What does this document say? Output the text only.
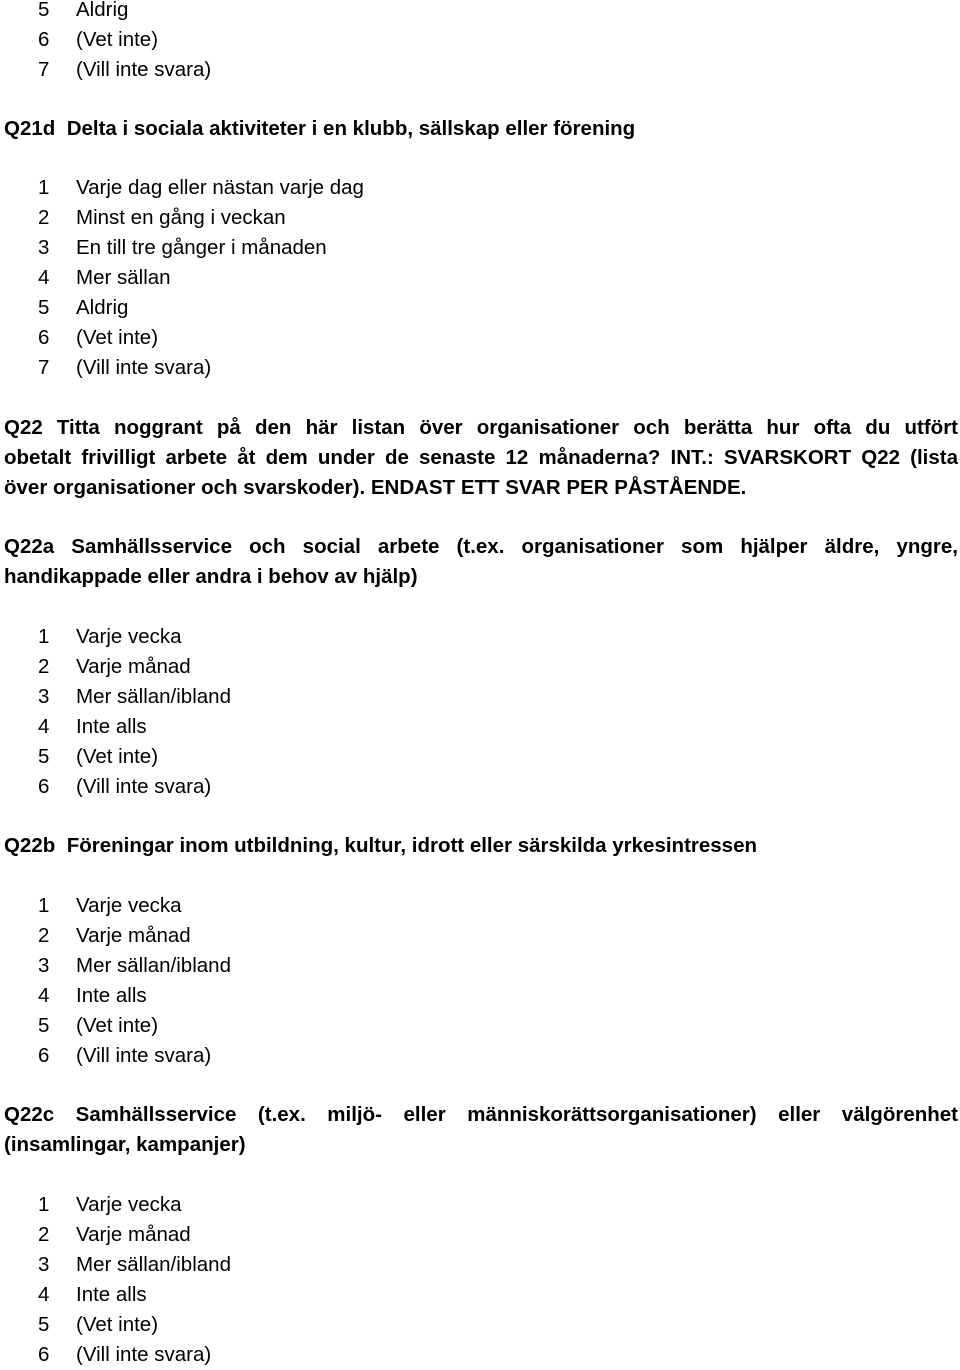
5 Aldrig
6 (Vet inte)
7 (Vill inte svara)
Q21d Delta i sociala aktiviteter i en klubb, sällskap eller förening
1 Varje dag eller nästan varje dag
2 Minst en gång i veckan
3 En till tre gånger i månaden
4 Mer sällan
5 Aldrig
6 (Vet inte)
7 (Vill inte svara)
Q22 Titta noggrant på den här listan över organisationer och berätta hur ofta du utfört
obetalt frivilligt arbete åt dem under de senaste 12 månaderna? INT.: SVARSKORT Q22 (lista
över organisationer och svarskoder). ENDAST ETT SVAR PER PÅSTÅENDE.
Q22a Samhällsservice och social arbete (t.ex. organisationer som hjälper äldre, yngre,
handikappade eller andra i behov av hjälp)
1 Varje vecka
2 Varje månad
3 Mer sällan/ibland
4 Inte alls
5 (Vet inte)
6 (Vill inte svara)
Q22b Föreningar inom utbildning, kultur, idrott eller särskilda yrkesintressen
1 Varje vecka
2 Varje månad
3 Mer sällan/ibland
4 Inte alls
5 (Vet inte)
6 (Vill inte svara)
Q22c Samhällsservice (t.ex. miljö- eller människorättsorganisationer) eller välgörenhet
(insamlingar, kampanjer)
1 Varje vecka
2 Varje månad
3 Mer sällan/ibland
4 Inte alls
5 (Vet inte)
6 (Vill inte svara)
